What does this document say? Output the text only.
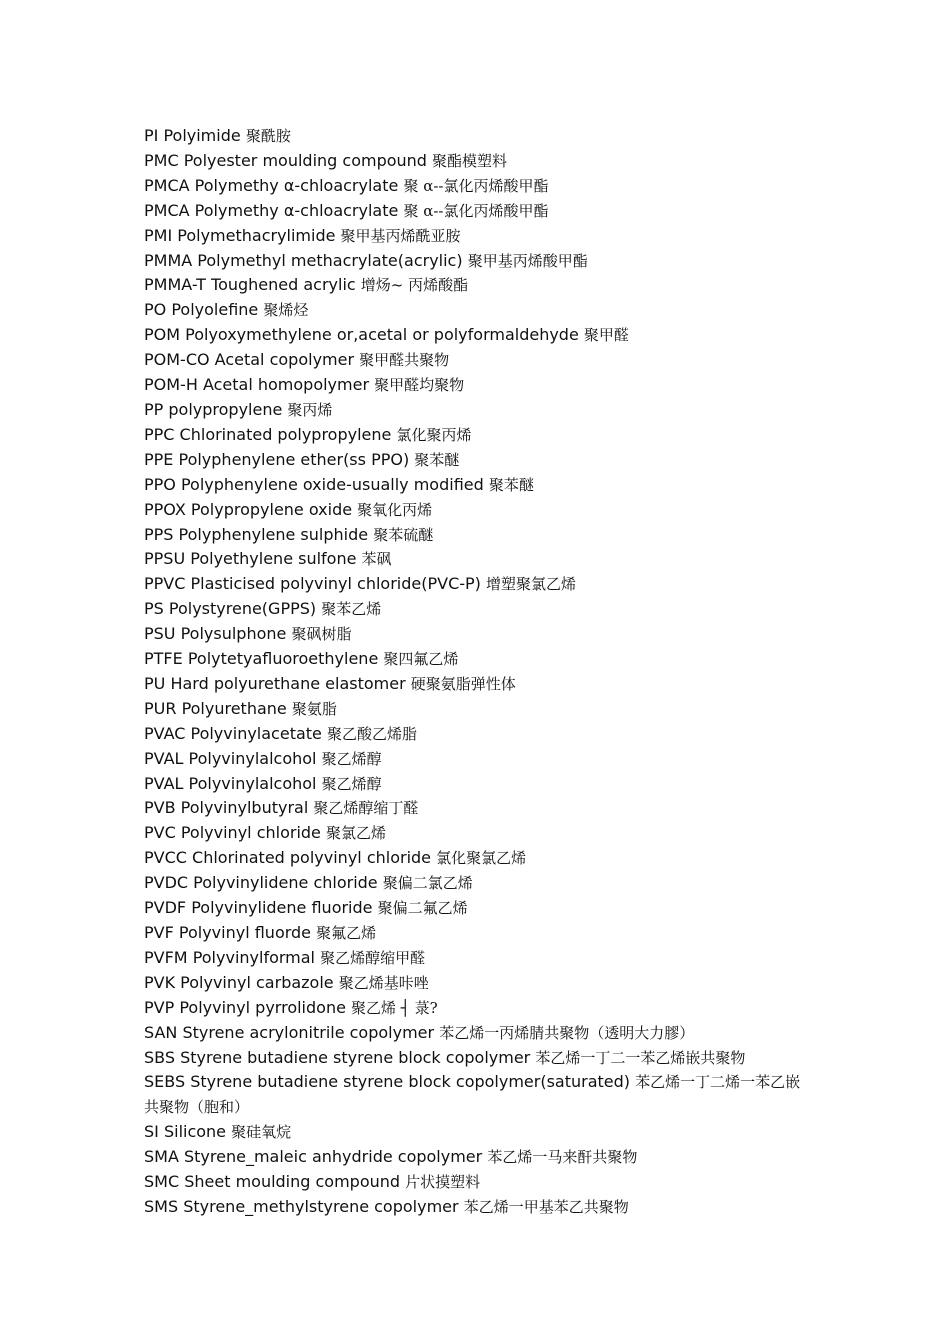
PI Polyimide 聚酰胺
PMC Polyester moulding compound 聚酯模塑料
PMCA Polymethy α-chloacrylate 聚 α--氯化丙烯酸甲酯
PMCA Polymethy α-chloacrylate 聚 α--氯化丙烯酸甲酯
PMI Polymethacrylimide 聚甲基丙烯酰亚胺
PMMA Polymethyl methacrylate(acrylic) 聚甲基丙烯酸甲酯
PMMA-T Toughened acrylic 增炀~ 丙烯酸酯
PO Polyolefine 聚烯烃
POM Polyoxymethylene or,acetal or polyformaldehyde 聚甲醛
POM-CO Acetal copolymer 聚甲醛共聚物
POM-H Acetal homopolymer 聚甲醛均聚物
PP polypropylene 聚丙烯
PPC Chlorinated polypropylene 氯化聚丙烯
PPE Polyphenylene ether(ss PPO) 聚苯醚
PPO Polyphenylene oxide-usually modified 聚苯醚
PPOX Polypropylene oxide 聚氧化丙烯
PPS Polyphenylene sulphide 聚苯硫醚
PPSU Polyethylene sulfone 苯砜
PPVC Plasticised polyvinyl chloride(PVC-P) 增塑聚氯乙烯
PS Polystyrene(GPPS) 聚苯乙烯
PSU Polysulphone 聚砜树脂
PTFE Polytetyafluoroethylene 聚四氟乙烯
PU Hard polyurethane elastomer 硬聚氨脂弹性体
PUR Polyurethane 聚氨脂
PVAC Polyvinylacetate 聚乙酸乙烯脂
PVAL Polyvinylalcohol 聚乙烯醇
PVAL Polyvinylalcohol 聚乙烯醇
PVB Polyvinylbutyral 聚乙烯醇缩丁醛
PVC Polyvinyl chloride 聚氯乙烯
PVCC Chlorinated polyvinyl chloride 氯化聚氯乙烯
PVDC Polyvinylidene chloride 聚偏二氯乙烯
PVDF Polyvinylidene fluoride 聚偏二氟乙烯
PVF Polyvinyl fluorde 聚氟乙烯
PVFM Polyvinylformal 聚乙烯醇缩甲醛
PVK Polyvinyl carbazole 聚乙烯基咔唑
PVP Polyvinyl pyrrolidone 聚乙烯 ┤ 菉?
SAN Styrene acrylonitrile copolymer 苯乙烯一丙烯腈共聚物（透明大力膠）
SBS Styrene butadiene styrene block copolymer 苯乙烯一丁二一苯乙烯嵌共聚物
SEBS Styrene butadiene styrene block copolymer(saturated) 苯乙烯一丁二烯一苯乙嵌共聚物（胞和）
SI Silicone 聚硅氧烷
SMA Styrene_maleic anhydride copolymer 苯乙烯一马来酐共聚物
SMC Sheet moulding compound 片状摸塑料
SMS Styrene_methylstyrene copolymer 苯乙烯一甲基苯乙共聚物
